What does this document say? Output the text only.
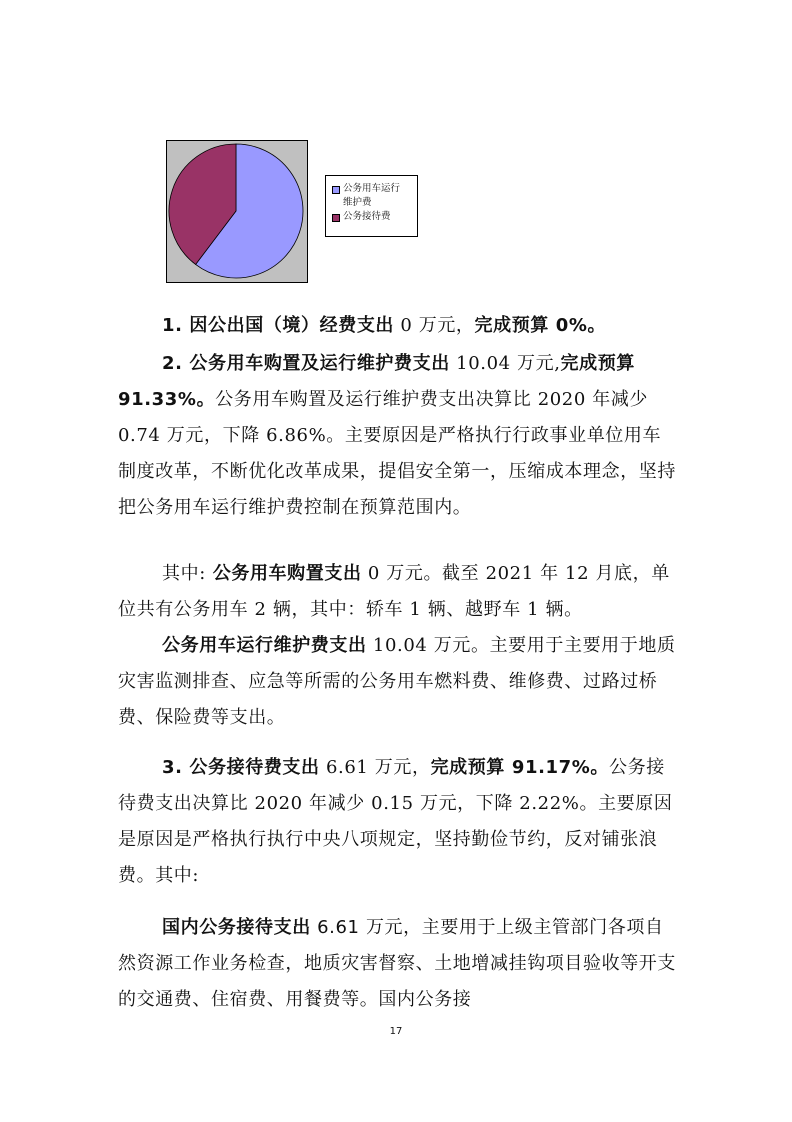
公务用车运行
维护费
公务接待费

1. 因公出国（境）经费支出 0 万元，完成预算 0%。

2. 公务用车购置及运行维护费支出 10.04 万元,完成预算 91.33%。公务用车购置及运行维护费支出决算比 2020 年减少 0.74 万元，下降 6.86%。主要原因是严格执行行政事业单位用车制度改革，不断优化改革成果，提倡安全第一，压缩成本理念，坚持把公务用车运行维护费控制在预算范围内。

其中: 公务用车购置支出 0 万元。截至 2021 年 12 月底，单位共有公务用车 2 辆，其中：轿车 1 辆、越野车 1 辆。

公务用车运行维护费支出 10.04 万元。主要用于主要用于地质灾害监测排查、应急等所需的公务用车燃料费、维修费、过路过桥费、保险费等支出。

3. 公务接待费支出 6.61 万元，完成预算 91.17%。公务接待费支出决算比 2020 年减少 0.15 万元，下降 2.22%。主要原因是原因是严格执行执行中央八项规定，坚持勤俭节约，反对铺张浪费。其中:

国内公务接待支出 6.61 万元，主要用于上级主管部门各项自然资源工作业务检查，地质灾害督察、土地增减挂钩项目验收等开支的交通费、住宿费、用餐费等。国内公务接

17
